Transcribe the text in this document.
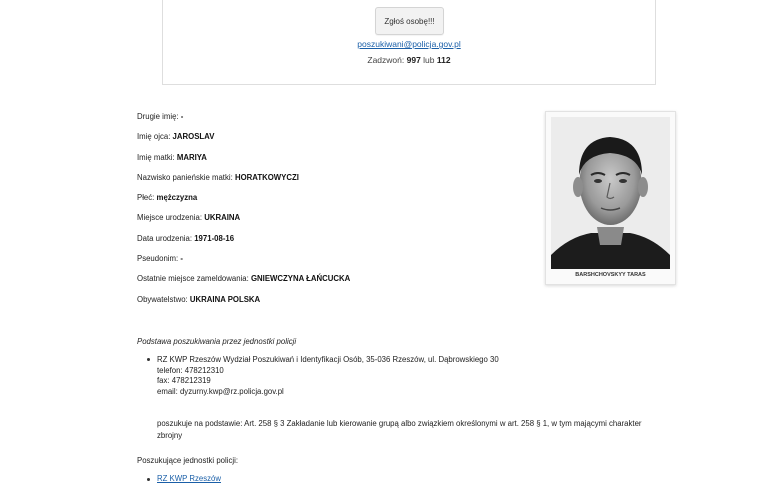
Zgłoś osobę!!!
poszukiwani@policja.gov.pl
Zadzwoń: 997 lub 112
Drugie imię: -
Imię ojca: JAROSLAV
Imię matki: MARIYA
Nazwisko panieńskie matki: HORATKOWYCZI
Płeć: mężczyzna
Miejsce urodzenia: UKRAINA
Data urodzenia: 1971-08-16
Pseudonim: -
Ostatnie miejsce zameldowania: GNIEWCZYNA ŁAŃCUCKA
Obywatelstwo: UKRAINA POLSKA
BARSHCHOVSKYY TARAS
Podstawa poszukiwania przez jednostki policji
RZ KWP Rzeszów Wydział Poszukiwań i Identyfikacji Osób, 35-036 Rzeszów, ul. Dąbrowskiego 30
telefon: 478212310
fax: 478212319
email: dyzurny.kwp@rz.policja.gov.pl
poszukuje na podstawie: Art. 258 § 3 Zakładanie lub kierowanie grupą albo związkiem określonymi w art. 258 § 1, w tym mającymi charakter zbrojny
Poszukujące jednostki policji:
RZ KWP Rzeszów
